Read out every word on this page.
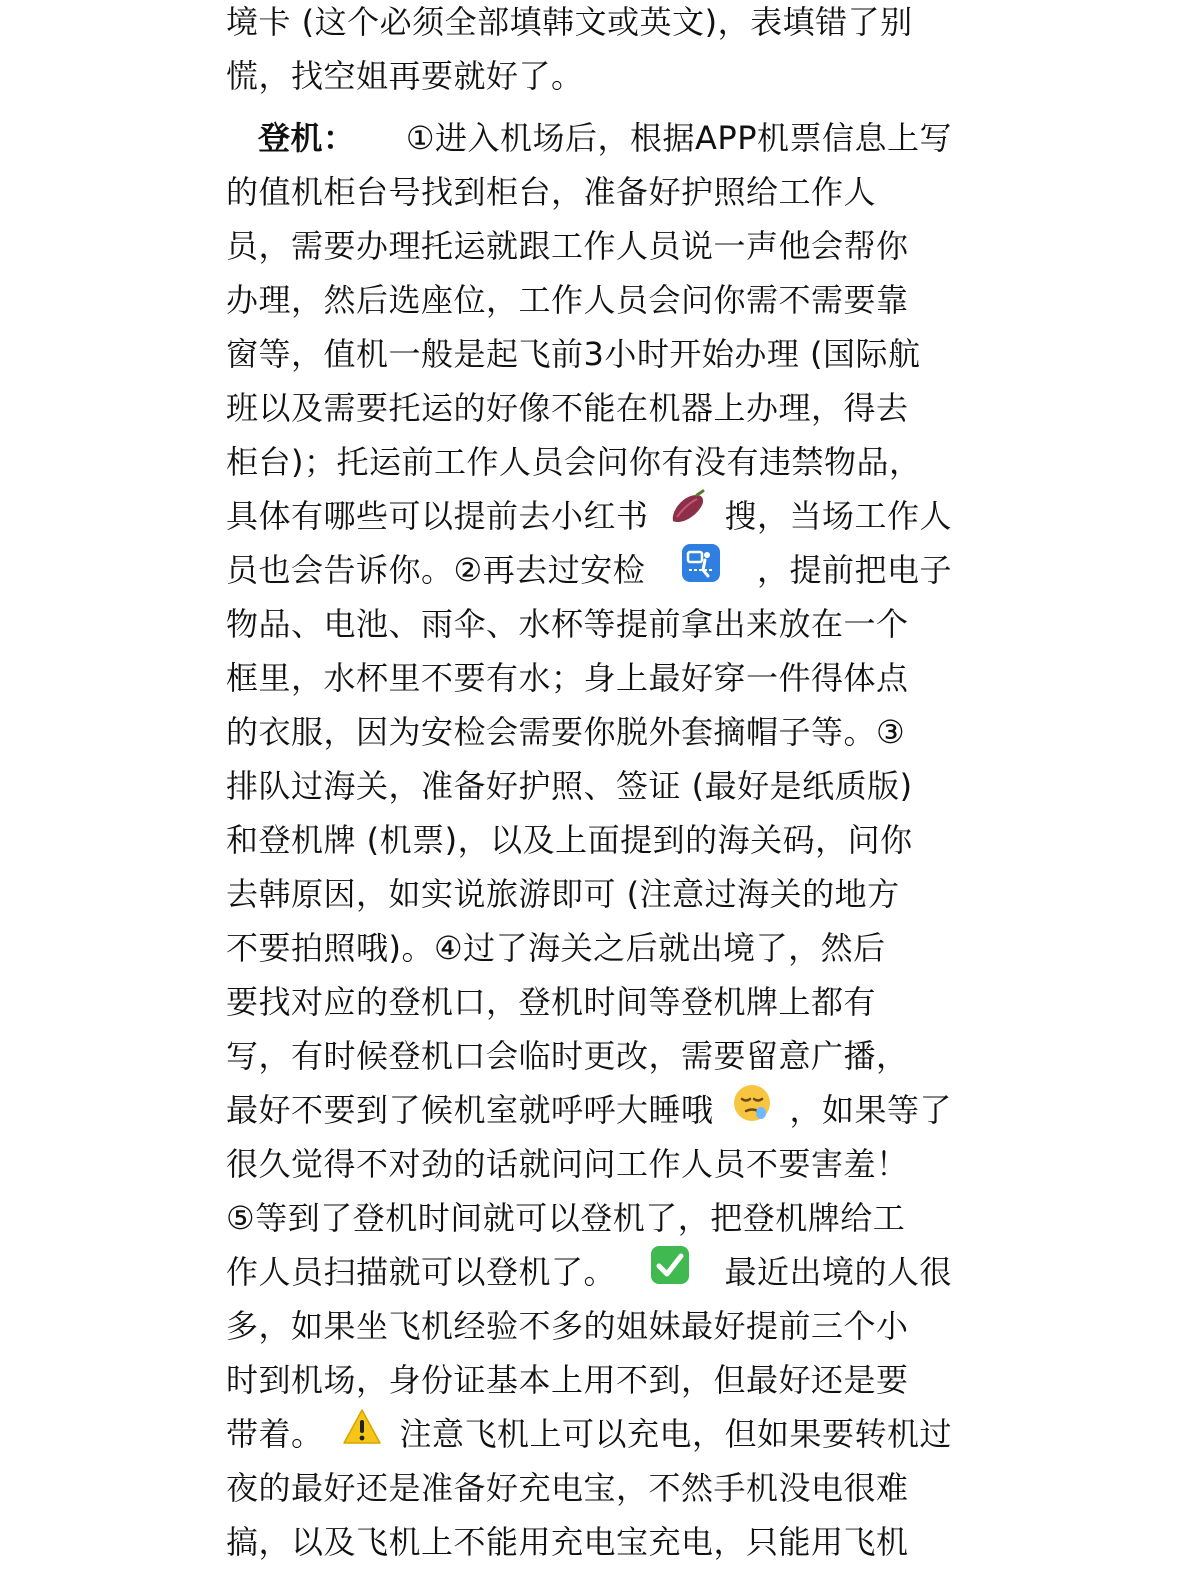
境卡 (这个必须全部填韩文或英文)，表填错了别
慌，找空姐再要就好了。
登机： ①进入机场后，根据APP机票信息上写
的值机柜台号找到柜台，准备好护照给工作人
员，需要办理托运就跟工作人员说一声他会帮你
办理，然后选座位，工作人员会问你需不需要靠
窗等，值机一般是起飞前3小时开始办理 (国际航
班以及需要托运的好像不能在机器上办理，得去
柜台)；托运前工作人员会问你有没有违禁物品，
具体有哪些可以提前去小红书 搜，当场工作人
员也会告诉你。②再去过安检	，提前把电子
物品、电池、雨伞、水杯等提前拿出来放在一个
框里，水杯里不要有水；身上最好穿一件得体点
的衣服，因为安检会需要你脱外套摘帽子等。③
排队过海关，准备好护照、签证 (最好是纸质版)
和登机牌 (机票)，以及上面提到的海关码，问你
去韩原因，如实说旅游即可 (注意过海关的地方
不要拍照哦)。④过了海关之后就出境了，然后
要找对应的登机口，登机时间等登机牌上都有
写，有时候登机口会临时更改，需要留意广播，
最好不要到了候机室就呼呼大睡哦 ，如果等了
很久觉得不对劲的话就问问工作人员不要害羞！
⑤等到了登机时间就可以登机了，把登机牌给工
作人员扫描就可以登机了。	最近出境的人很
多，如果坐飞机经验不多的姐妹最好提前三个小
时到机场，身份证基本上用不到，但最好还是要
带着。 注意飞机上可以充电，但如果要转机过
夜的最好还是准备好充电宝，不然手机没电很难
搞，以及飞机上不能用充电宝充电，只能用飞机
